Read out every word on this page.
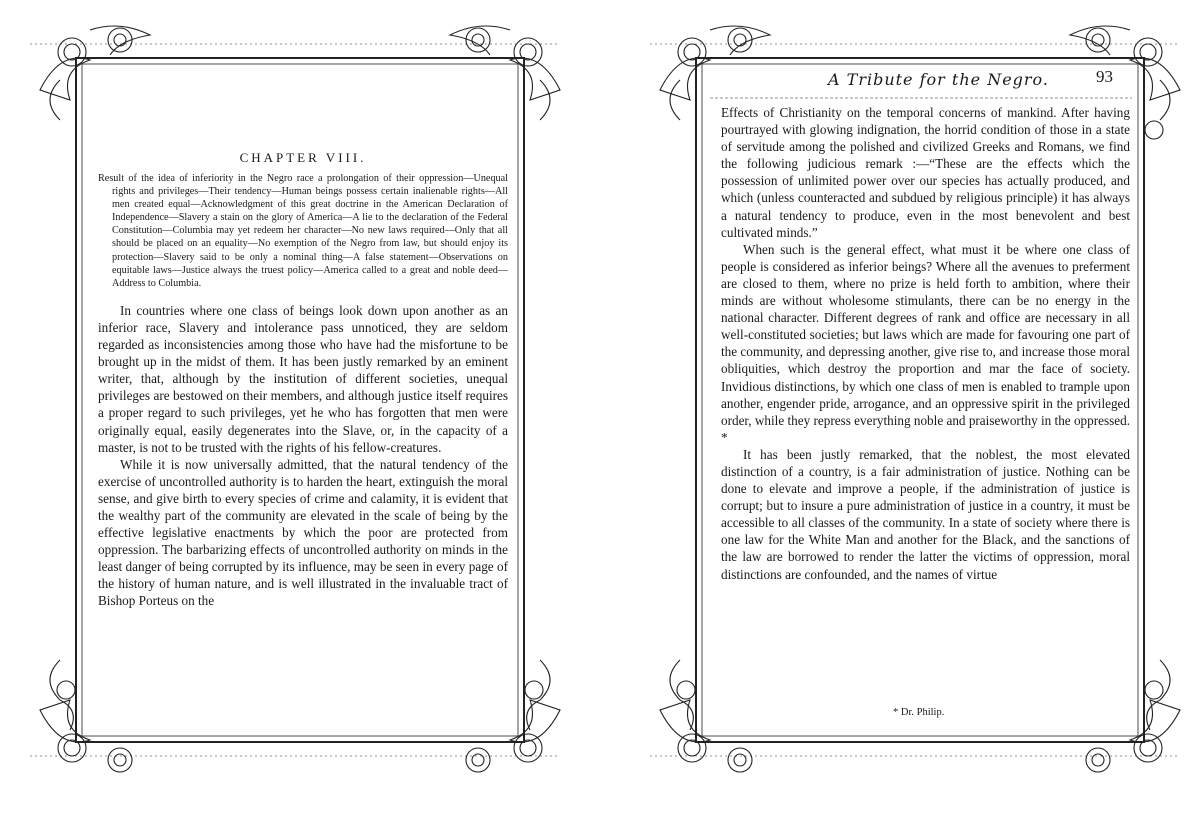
CHAPTER VIII.
Result of the idea of inferiority in the Negro race a prolongation of their oppression—Unequal rights and privileges—Their tendency—Human beings possess certain inalienable rights—All men created equal—Acknowledgment of this great doctrine in the American Declaration of Independence—Slavery a stain on the glory of America—A lie to the declaration of the Federal Constitution—Columbia may yet redeem her character—No new laws required—Only that all should be placed on an equality—No exemption of the Negro from law, but should enjoy its protection—Slavery said to be only a nominal thing—A false statement—Observations on equitable laws—Justice always the truest policy—America called to a great and noble deed—Address to Columbia.

In countries where one class of beings look down upon another as an inferior race, Slavery and intolerance pass unnoticed, they are seldom regarded as inconsistencies among those who have had the misfortune to be brought up in the midst of them. It has been justly remarked by an eminent writer, that, although by the institution of different societies, unequal privileges are bestowed on their members, and although justice itself requires a proper regard to such privileges, yet he who has forgotten that men were originally equal, easily degenerates into the Slave, or, in the capacity of a master, is not to be trusted with the rights of his fellow-creatures.

While it is now universally admitted, that the natural tendency of the exercise of uncontrolled authority is to harden the heart, extinguish the moral sense, and give birth to every species of crime and calamity, it is evident that the wealthy part of the community are elevated in the scale of being by the effective legislative enactments by which the poor are protected from oppression. The barbarizing effects of uncontrolled authority on minds in the least danger of being corrupted by its influence, may be seen in every page of the history of human nature, and is well illustrated in the invaluable tract of Bishop Porteus on the

A Tribute for the Negro.	93

Effects of Christianity on the temporal concerns of mankind. After having pourtrayed with glowing indignation, the horrid condition of those in a state of servitude among the polished and civilized Greeks and Romans, we find the following judicious remark :—“These are the effects which the possession of unlimited power over our species has actually produced, and which (unless counteracted and subdued by religious principle) it has always a natural tendency to produce, even in the most benevolent and best cultivated minds.”

When such is the general effect, what must it be where one class of people is considered as inferior beings? Where all the avenues to preferment are closed to them, where no prize is held forth to ambition, where their minds are without wholesome stimulants, there can be no energy in the national character. Different degrees of rank and office are necessary in all well-constituted societies; but laws which are made for favouring one part of the community, and depressing another, give rise to, and increase those moral obliquities, which destroy the proportion and mar the face of society. Invidious distinctions, by which one class of men is enabled to trample upon another, engender pride, arrogance, and an oppressive spirit in the privileged order, while they repress everything noble and praiseworthy in the oppressed. *

It has been justly remarked, that the noblest, the most elevated distinction of a country, is a fair administration of justice. Nothing can be done to elevate and improve a people, if the administration of justice is corrupt; but to insure a pure administration of justice in a country, it must be accessible to all classes of the community. In a state of society where there is one law for the White Man and another for the Black, and the sanctions of the law are borrowed to render the latter the victims of oppression, moral distinctions are confounded, and the names of virtue

* Dr. Philip.
